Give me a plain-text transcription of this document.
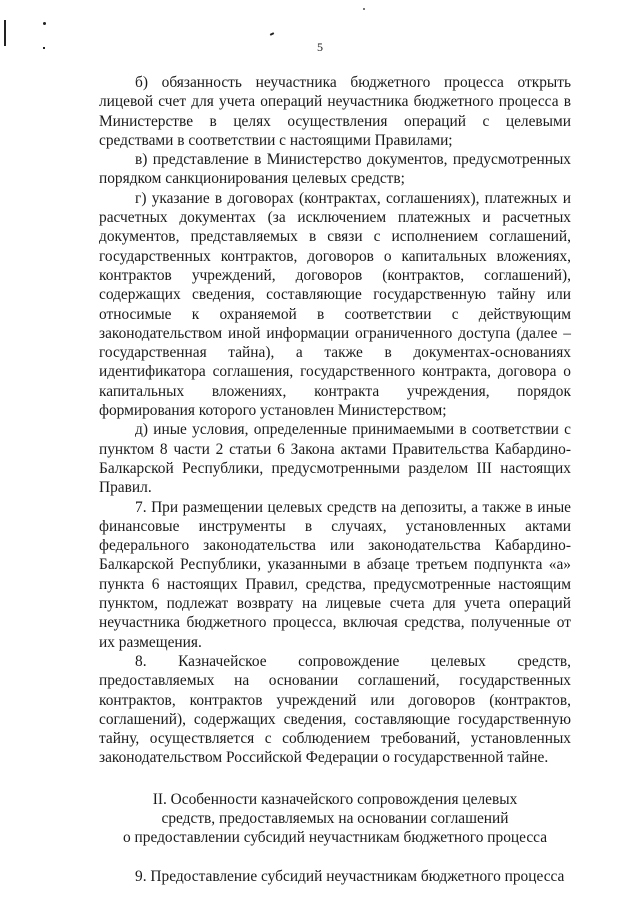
5

б) обязанность неучастника бюджетного процесса открыть лицевой счет для учета операций неучастника бюджетного процесса в Министерстве в целях осуществления операций с целевыми средствами в соответствии с настоящими Правилами;

в) представление в Министерство документов, предусмотренных порядком санкционирования целевых средств;

г) указание в договорах (контрактах, соглашениях), платежных и расчетных документах (за исключением платежных и расчетных документов, представляемых в связи с исполнением соглашений, государственных контрактов, договоров о капитальных вложениях, контрактов учреждений, договоров (контрактов, соглашений), содержащих сведения, составляющие государственную тайну или относимые к охраняемой в соответствии с действующим законодательством иной информации ограниченного доступа (далее – государственная тайна), а также в документах-основаниях идентификатора соглашения, государственного контракта, договора о капитальных вложениях, контракта учреждения, порядок формирования которого установлен Министерством;

д) иные условия, определенные принимаемыми в соответствии с пунктом 8 части 2 статьи 6 Закона актами Правительства Кабардино-Балкарской Республики, предусмотренными разделом III настоящих Правил.

7. При размещении целевых средств на депозиты, а также в иные финансовые инструменты в случаях, установленных актами федерального законодательства или законодательства Кабардино-Балкарской Республики, указанными в абзаце третьем подпункта «а» пункта 6 настоящих Правил, средства, предусмотренные настоящим пунктом, подлежат возврату на лицевые счета для учета операций неучастника бюджетного процесса, включая средства, полученные от их размещения.

8. Казначейское сопровождение целевых средств, предоставляемых на основании соглашений, государственных контрактов, контрактов учреждений или договоров (контрактов, соглашений), содержащих сведения, составляющие государственную тайну, осуществляется с соблюдением требований, установленных законодательством Российской Федерации о государственной тайне.

II. Особенности казначейского сопровождения целевых
средств, предоставляемых на основании соглашений
о предоставлении субсидий неучастникам бюджетного процесса

9. Предоставление субсидий неучастникам бюджетного процесса
